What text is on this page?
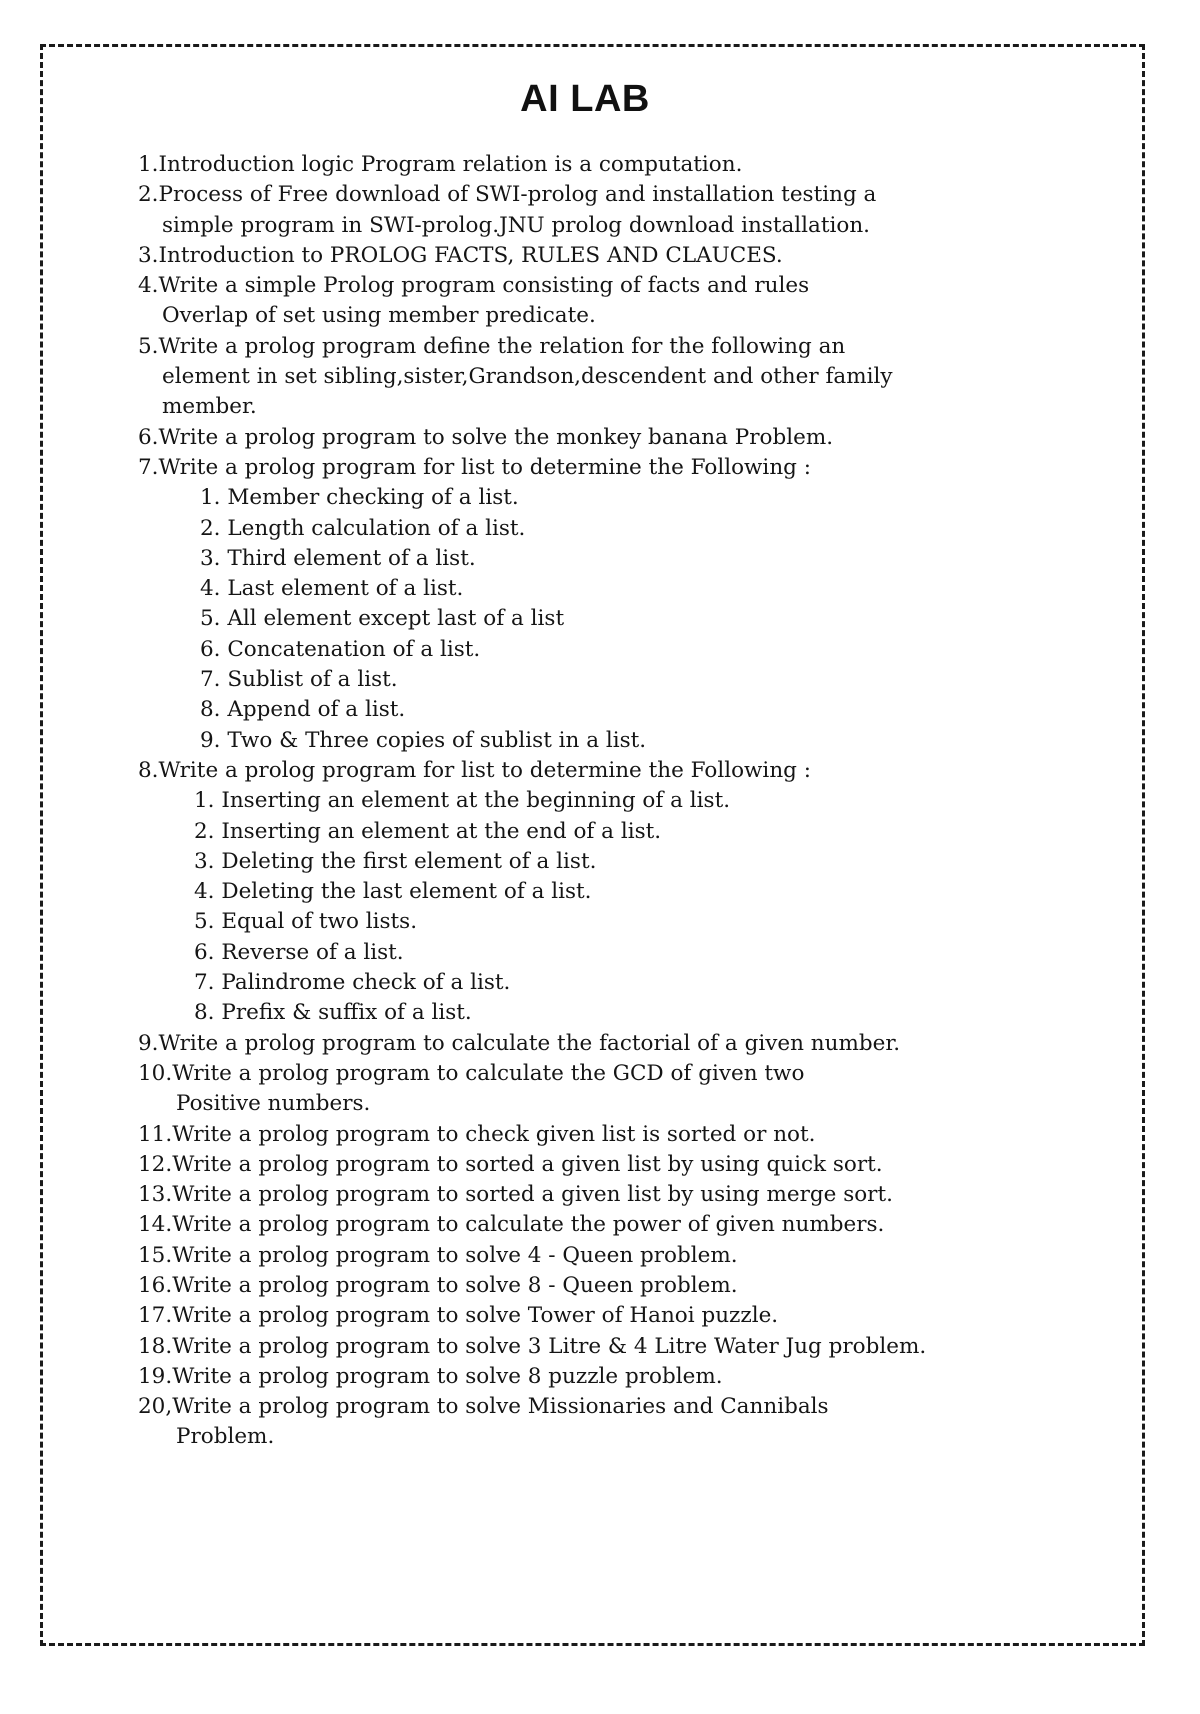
AI LAB
1.Introduction logic Program relation is a computation.
2.Process of Free download of SWI-prolog and installation testing a
simple program in SWI-prolog.JNU prolog download installation.
3.Introduction to PROLOG FACTS, RULES AND CLAUCES.
4.Write a simple Prolog program consisting of facts and rules
Overlap of set using member predicate.
5.Write a prolog program define the relation for the following an
element in set sibling,sister,Grandson,descendent and other family
member.
6.Write a prolog program to solve the monkey banana Problem.
7.Write a prolog program for list to determine the Following :
1. Member checking of a list.
2. Length calculation of a list.
3. Third element of a list.
4. Last element of a list.
5. All element except last of a list
6. Concatenation of a list.
7. Sublist of a list.
8. Append of a list.
9. Two & Three copies of sublist in a list.
8.Write a prolog program for list to determine the Following :
1. Inserting an element at the beginning of a list.
2. Inserting an element at the end of a list.
3. Deleting the first element of a list.
4. Deleting the last element of a list.
5. Equal of two lists.
6. Reverse of a list.
7. Palindrome check of a list.
8. Prefix & suffix of a list.
9.Write a prolog program to calculate the factorial of a given number.
10.Write a prolog program to calculate the GCD of given two
Positive numbers.
11.Write a prolog program to check given list is sorted or not.
12.Write a prolog program to sorted a given list by using quick sort.
13.Write a prolog program to sorted a given list by using merge sort.
14.Write a prolog program to calculate the power of given numbers.
15.Write a prolog program to solve 4 - Queen problem.
16.Write a prolog program to solve 8 - Queen problem.
17.Write a prolog program to solve Tower of Hanoi puzzle.
18.Write a prolog program to solve 3 Litre & 4 Litre Water Jug problem.
19.Write a prolog program to solve 8 puzzle problem.
20,Write a prolog program to solve Missionaries and Cannibals
Problem.
